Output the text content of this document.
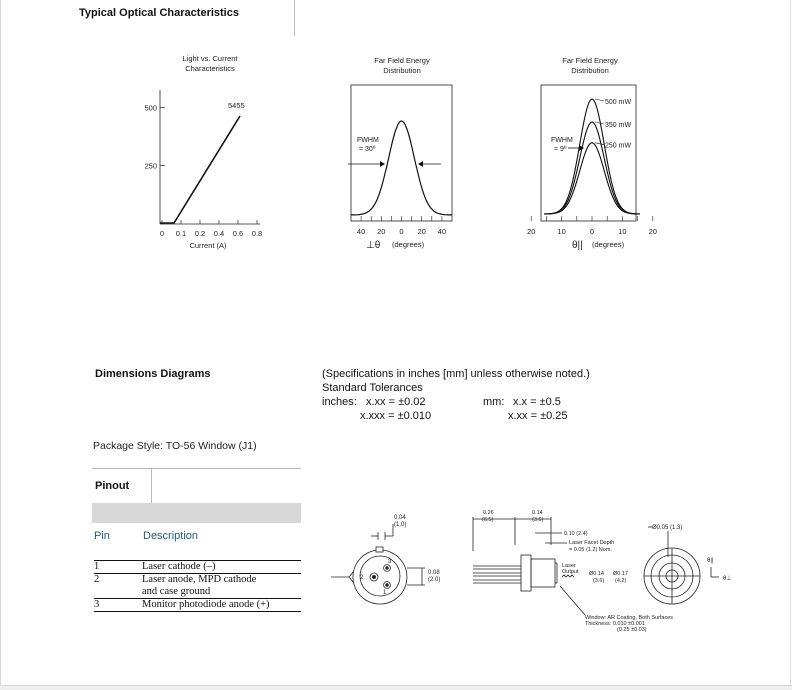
Typical Optical Characteristics
Light vs. Current
Characteristics
0 0.1 0.2 0.4 0.6 0.8
250
500	5455
Current (A)
Far Field Energy
Distribution
40 20 0 20 40
FWHM
= 30º
⊥θ (degrees)
Far Field Energy
Distribution
500 mW
350 mW
250 mW
20	10	0	10	20
FWHM
= 9º
θ|| (degrees)
Dimensions Diagrams	(Specifications in inches [mm] unless otherwise noted.)
Standard Tolerances
inches: x.xx = ±0.02
x.xxx = ±0.010
mm: x.x = ±0.5
x.xx = ±0.25
Package Style: TO-56 Window (J1)
Pinout
Pin	Description
1	Laser cathode (–)
2	Laser anode, MPD cathode and case ground
3	Monitor photodiode anode (+)
0.04
(1.0)
3
1
2
0.08
(2.0)
0.26
(6.5)
0.14
(3.6)
0.10 (2.4)
Laser Facet Depth
= 0.05 (1.2) Nom.
Laser
Output Ø0.14
(3.6)
Ø0.17
(4.2)
Window: AR Coating, Both Surfaces
Thickness: 0.010 ±0.001
(0.25 ±0.03)
Ø0.05 (1.3)
θ||
θ⊥
